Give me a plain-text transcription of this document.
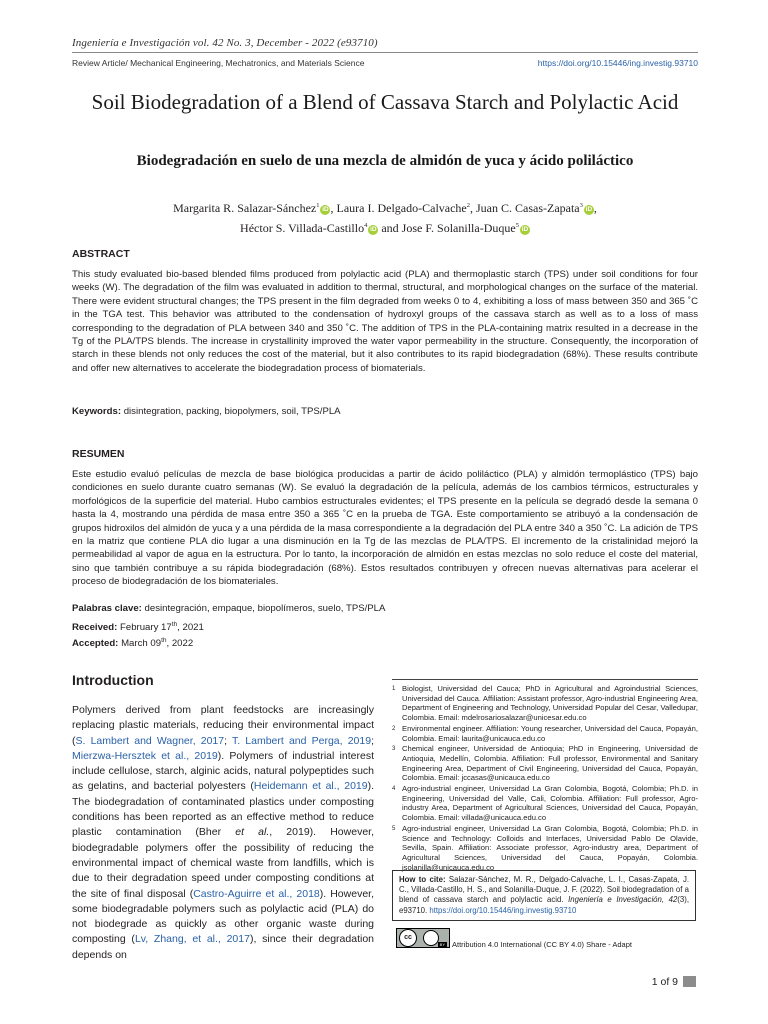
Ingeniería e Investigación vol. 42 No. 3, December - 2022 (e93710)
Review Article/ Mechanical Engineering, Mechatronics, and Materials Science	https://doi.org/10.15446/ing.investig.93710
Soil Biodegradation of a Blend of Cassava Starch and Polylactic Acid
Biodegradación en suelo de una mezcla de almidón de yuca y ácido poliláctico
Margarita R. Salazar-Sánchez$^1$iD , Laura I. Delgado-Calvache$^2$, Juan C. Casas-Zapata$^3$iD ,
Héctor S. Villada-Castillo$^4$iD and Jose F. Solanilla-Duque$^5$iD
ABSTRACT
This study evaluated bio-based blended films produced from polylactic acid (PLA) and thermoplastic starch (TPS) under soil conditions for four weeks (W). The degradation of the film was evaluated in addition to thermal, structural, and morphological changes on the surface of the material. There were evident structural changes; the TPS present in the film degraded from weeks 0 to 4, exhibiting a loss of mass between 350 and 365 ˚C in the TGA test. This behavior was attributed to the condensation of hydroxyl groups of the cassava starch as well as to a loss of mass corresponding to the degradation of PLA between 340 and 350 ˚C. The addition of TPS in the PLA-containing matrix resulted in a decrease in the Tg of the PLA/TPS blends. The increase in crystallinity improved the water vapor permeability in the structure. Consequently, the incorporation of starch in these blends not only reduces the cost of the material, but it also contributes to its rapid biodegradation (68%). These results contribute and offer new alternatives to accelerate the biodegradation process of biomaterials.
Keywords: disintegration, packing, biopolymers, soil, TPS/PLA
RESUMEN
Este estudio evaluó películas de mezcla de base biológica producidas a partir de ácido poliláctico (PLA) y almidón termoplástico (TPS) bajo condiciones en suelo durante cuatro semanas (W). Se evaluó la degradación de la película, además de los cambios térmicos, estructurales y morfológicos de la superficie del material. Hubo cambios estructurales evidentes; el TPS presente en la película se degradó desde la semana 0 hasta la 4, mostrando una pérdida de masa entre 350 a 365 ˚C en la prueba de TGA. Este comportamiento se atribuyó a la condensación de grupos hidroxilos del almidón de yuca y a una pérdida de la masa correspondiente a la degradación del PLA entre 340 a 350 ˚C. La adición de TPS en la matriz que contiene PLA dio lugar a una disminución en la Tg de las mezclas de PLA/TPS. El incremento de la cristalinidad mejoró la permeabilidad al vapor de agua en la estructura. Por lo tanto, la incorporación de almidón en estas mezclas no solo reduce el coste del material, sino que también contribuye a su rápida biodegradación (68%). Estos resultados contribuyen y ofrecen nuevas alternativas para acelerar el proceso de biodegradación de los biomateriales.
Palabras clave: desintegración, empaque, biopolímeros, suelo, TPS/PLA
Received: February 17th, 2021
Accepted: March 09th, 2022
Introduction
Polymers derived from plant feedstocks are increasingly replacing plastic materials, reducing their environmental impact (S. Lambert and Wagner, 2017; T. Lambert and Perga, 2019; Mierzwa-Hersztek et al., 2019). Polymers of industrial interest include cellulose, starch, alginic acids, natural polypeptides such as gelatins, and bacterial polyesters (Heidemann et al., 2019). The biodegradation of contaminated plastics under composting conditions has been reported as an effective method to reduce plastic contamination (Bher et al., 2019). However, biodegradable polymers offer the possibility of reducing the environmental impact of chemical waste from landfills, which is due to their degradation speed under composting conditions at the site of final disposal (Castro-Aguirre et al., 2018). However, some biodegradable polymers such as polylactic acid (PLA) do not biodegrade as quickly as other organic waste during composting (Lv, Zhang, et al., 2017), since their degradation depends on
1 Biologist, Universidad del Cauca; PhD in Agricultural and Agroindustrial Sciences, Universidad del Cauca. Affiliation: Assistant professor, Agro-industrial Engineering Area, Department of Engineering and Technology, Universidad Popular del Cesar, Valledupar, Colombia. Email: mdelrosariosalazar@unicesar.edu.co
2 Environmental engineer. Affiliation: Young researcher, Universidad del Cauca, Popayán, Colombia. Email: laurita@unicauca.edu.co
3 Chemical engineer, Universidad de Antioquia; PhD in Engineering, Universidad de Antioquia, Medellín, Colombia. Affiliation: Full professor, Environmental and Sanitary Engineering Area, Department of Civil Engineering, Universidad del Cauca, Popayán, Colombia. Email: jccasas@unicauca.edu.co
4 Agro-industrial engineer, Universidad La Gran Colombia, Bogotá, Colombia; Ph.D. in Engineering, Universidad del Valle, Cali, Colombia. Affiliation: Full professor, Agro-industry Area, Department of Agricultural Sciences, Universidad del Cauca, Popayán, Colombia. Email: villada@unicauca.edu.co
5 Agro-industrial engineer, Universidad La Gran Colombia, Bogotá, Colombia; Ph.D. in Science and Technology: Colloids and Interfaces, Universidad Pablo De Olavide, Sevilla, Spain. Affiliation: Associate professor, Agro-industry area, Department of Agricultural Sciences, Universidad del Cauca, Popayán, Colombia. jsolanilla@unicauca.edu.co
How to cite: Salazar-Sánchez, M. R., Delgado-Calvache, L. I., Casas-Zapata, J. C., Villada-Castillo, H. S., and Solanilla-Duque, J. F. (2022). Soil biodegradation of a blend of cassava starch and polylactic acid. Ingeniería e Investigación, 42(3), e93710. https://doi.org/10.15446/ing.investig.93710
cc
BY Attribution 4.0 International (CC BY 4.0) Share - Adapt
1 of 9
